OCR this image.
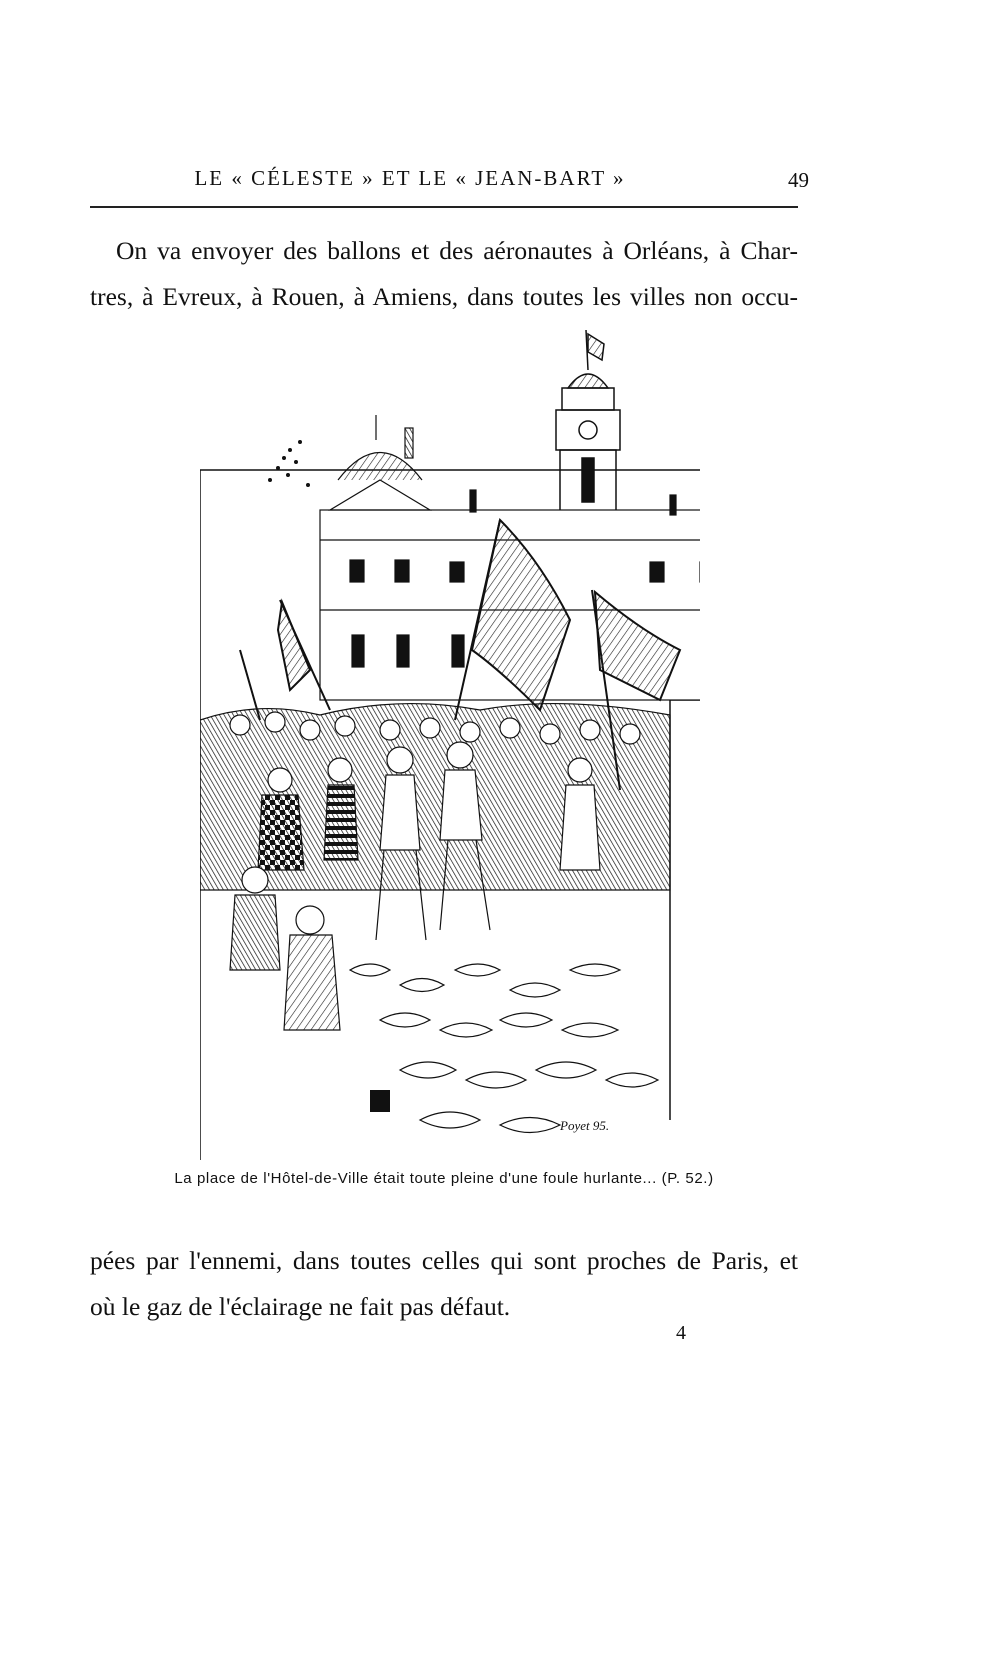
LE « CÉLESTE » ET LE « JEAN-BART »	49
On va envoyer des ballons et des aéronautes à Orléans, à Char-
tres, à Evreux, à Rouen, à Amiens, dans toutes les villes non occu-
Poyet 95.
La place de l'Hôtel-de-Ville était toute pleine d'une foule hurlante... (P. 52.)
pées par l'ennemi, dans toutes celles qui sont proches de Paris, et
où le gaz de l'éclairage ne fait pas défaut.
4
